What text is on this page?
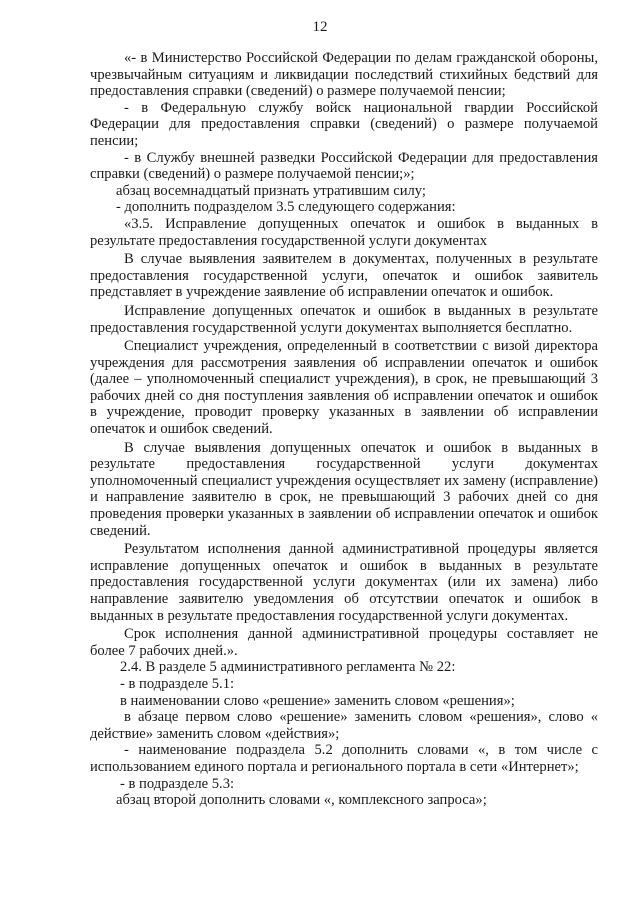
12

«- в Министерство Российской Федерации по делам гражданской обороны, чрезвычайным ситуациям и ликвидации последствий стихийных бедствий для предоставления справки (сведений) о размере получаемой пенсии;

- в Федеральную службу войск национальной гвардии Российской Федерации для предоставления справки (сведений) о размере получаемой пенсии;

- в Службу внешней разведки Российской Федерации для предоставления справки (сведений) о размере получаемой пенсии;»;

абзац восемнадцатый признать утратившим силу;

- дополнить подразделом 3.5 следующего содержания:

«3.5. Исправление допущенных опечаток и ошибок в выданных в результате предоставления государственной услуги документах

В случае выявления заявителем в документах, полученных в результате предоставления государственной услуги, опечаток и ошибок заявитель представляет в учреждение заявление об исправлении опечаток и ошибок.

Исправление допущенных опечаток и ошибок в выданных в результате предоставления государственной услуги документах выполняется бесплатно.

Специалист учреждения, определенный в соответствии с визой директора учреждения для рассмотрения заявления об исправлении опечаток и ошибок (далее – уполномоченный специалист учреждения), в срок, не превышающий 3 рабочих дней со дня поступления заявления об исправлении опечаток и ошибок в учреждение, проводит проверку указанных в заявлении об исправлении опечаток и ошибок сведений.

В случае выявления допущенных опечаток и ошибок в выданных в результате предоставления государственной услуги документах уполномоченный специалист учреждения осуществляет их замену (исправление) и направление заявителю в срок, не превышающий 3 рабочих дней со дня проведения проверки указанных в заявлении об исправлении опечаток и ошибок сведений.

Результатом исполнения данной административной процедуры является исправление допущенных опечаток и ошибок в выданных в результате предоставления государственной услуги документах (или их замена) либо направление заявителю уведомления об отсутствии опечаток и ошибок в выданных в результате предоставления государственной услуги документах.

Срок исполнения данной административной процедуры составляет не более 7 рабочих дней.».

2.4. В разделе 5 административного регламента № 22:

- в подразделе 5.1:

в наименовании слово «решение» заменить словом «решения»;

в абзаце первом слово «решение» заменить словом «решения», слово « действие» заменить словом «действия»;

- наименование подраздела 5.2 дополнить словами «, в том числе с использованием единого портала и регионального портала в сети «Интернет»;

- в подразделе 5.3:

абзац второй дополнить словами «, комплексного запроса»;
